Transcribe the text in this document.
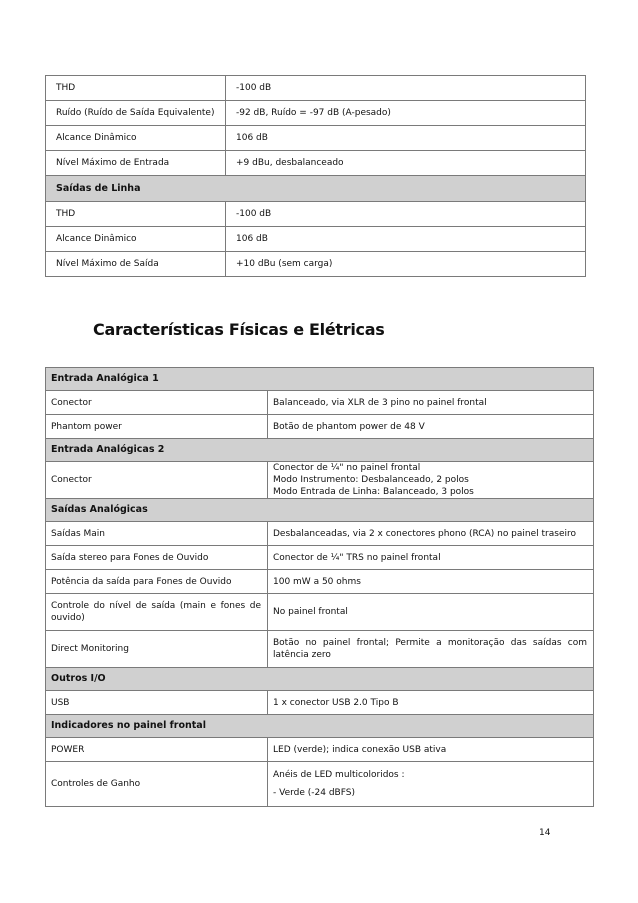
THD	-100 dB
Ruído (Ruído de Saída Equivalente)	-92 dB, Ruído = -97 dB (A-pesado)
Alcance Dinâmico	106 dB
Nível Máximo de Entrada	+9 dBu, desbalanceado
Saídas de Linha	
THD	-100 dB
Alcance Dinâmico	106 dB
Nível Máximo de Saída	+10 dBu (sem carga)
Características Físicas e Elétricas
Entrada Analógica 1	
Conector	Balanceado, via XLR de 3 pino no painel frontal
Phantom power	Botão de phantom power de 48 V
Entrada Analógicas 2	
Conector	Conector de ¼" no painel frontal
Modo Instrumento: Desbalanceado, 2 polos
Modo Entrada de Linha: Balanceado, 3 polos

Saídas Analógicas	
Saídas Main	Desbalanceadas, via 2 x conectores phono (RCA) no painel traseiro
Saída stereo para Fones de Ouvido	Conector de ¼" TRS no painel frontal
Potência da saída para Fones de Ouvido	100 mW a 50 ohms
Controle do nível de saída (main e fones de ouvido)	No painel frontal
Direct Monitoring	Botão no painel frontal; Permite a monitoração das saídas com latência zero
Outros I/O	
USB	1 x conector USB 2.0 Tipo B
Indicadores no painel frontal	
POWER	LED (verde); indica conexão USB ativa
Controles de Ganho	Anéis de LED multicoloridos :
- Verde (-24 dBFS)
14
